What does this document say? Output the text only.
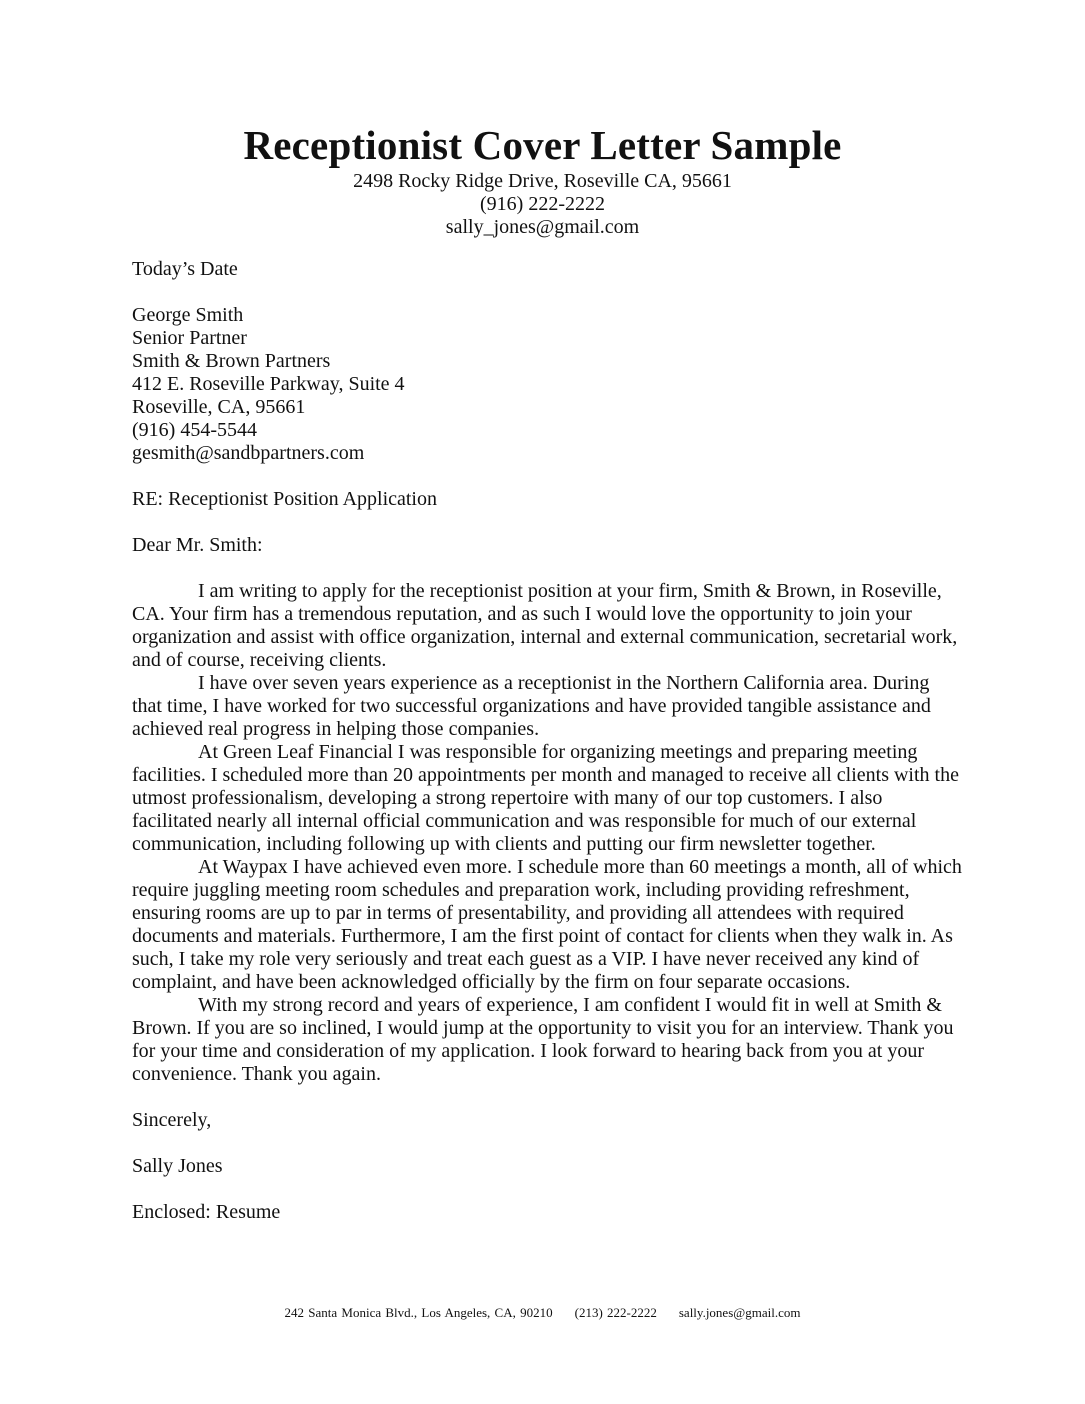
Receptionist Cover Letter Sample
2498 Rocky Ridge Drive, Roseville CA, 95661
(916) 222-2222
sally_jones@gmail.com
Today’s Date
George Smith
Senior Partner
Smith & Brown Partners
412 E. Roseville Parkway, Suite 4
Roseville, CA, 95661
(916) 454-5544
gesmith@sandbpartners.com
RE: Receptionist Position Application
Dear Mr. Smith:

I am writing to apply for the receptionist position at your firm, Smith & Brown, in Roseville, CA. Your firm has a tremendous reputation, and as such I would love the opportunity to join your organization and assist with office organization, internal and external communication, secretarial work, and of course, receiving clients.

I have over seven years experience as a receptionist in the Northern California area. During that time, I have worked for two successful organizations and have provided tangible assistance and achieved real progress in helping those companies.

At Green Leaf Financial I was responsible for organizing meetings and preparing meeting facilities. I scheduled more than 20 appointments per month and managed to receive all clients with the utmost professionalism, developing a strong repertoire with many of our top customers. I also facilitated nearly all internal official communication and was responsible for much of our external communication, including following up with clients and putting our firm newsletter together.

At Waypax I have achieved even more. I schedule more than 60 meetings a month, all of which require juggling meeting room schedules and preparation work, including providing refreshment, ensuring rooms are up to par in terms of presentability, and providing all attendees with required documents and materials. Furthermore, I am the first point of contact for clients when they walk in. As such, I take my role very seriously and treat each guest as a VIP. I have never received any kind of complaint, and have been acknowledged officially by the firm on four separate occasions.

With my strong record and years of experience, I am confident I would fit in well at Smith & Brown. If you are so inclined, I would jump at the opportunity to visit you for an interview. Thank you for your time and consideration of my application. I look forward to hearing back from you at your convenience. Thank you again.

Sincerely,
Sally Jones
Enclosed: Resume
242 Santa Monica Blvd., Los Angeles, CA, 90210 (213) 222-2222 sally.jones@gmail.com
